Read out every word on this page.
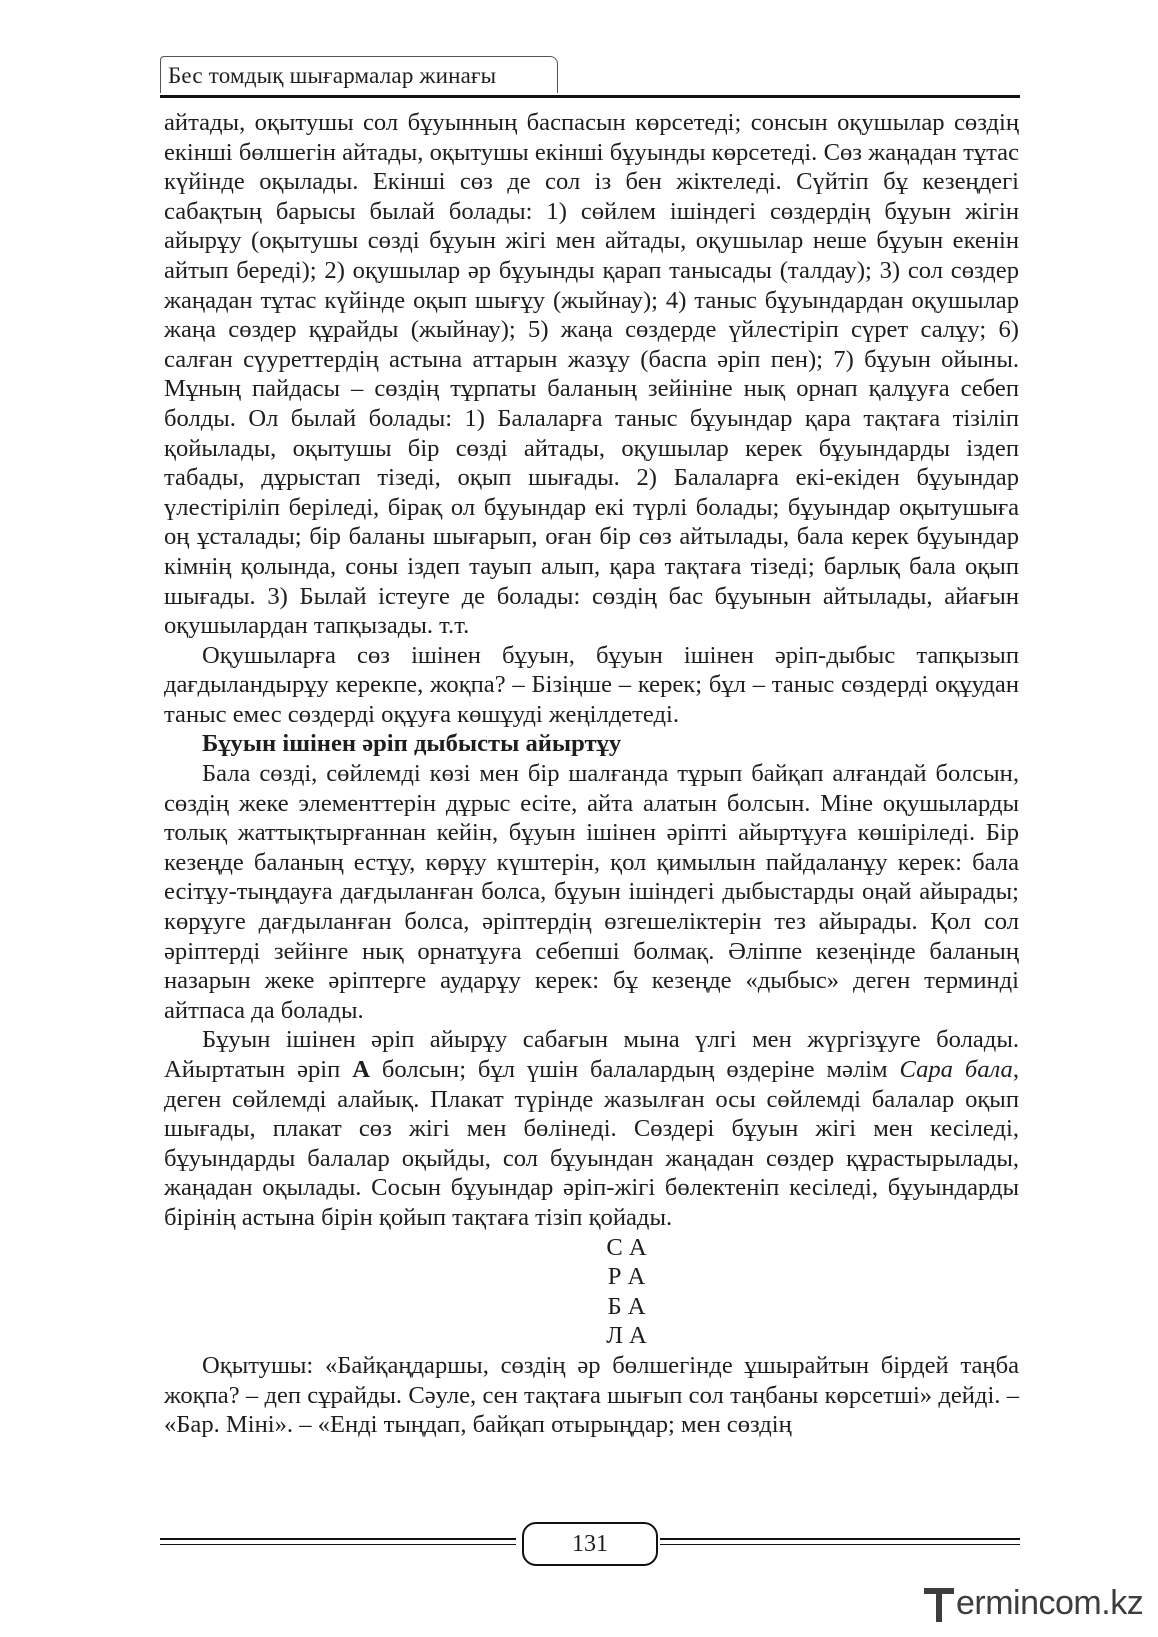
Бес томдық шығармалар жинағы

айтады, оқытушы сол бұуынның баспасын көрсетеді; сонсын оқушылар сөздің екінші бөлшегін айтады, оқытушы екінші бұуынды көрсетеді. Сөз жаңадан тұтас күйінде оқылады. Екінші сөз де сол із бен жіктеледі. Сүйтіп бұ кезеңдегі сабақтың барысы былай болады: 1) сөйлем ішіндегі сөздердің бұуын жігін айырұу (оқытушы сөзді бұуын жігі мен айтады, оқушылар неше бұуын екенін айтып береді); 2) оқушылар әр бұуынды қарап танысады (талдау); 3) сол сөздер жаңадан тұтас күйінде оқып шығұу (жыйнау); 4) таныс бұуындардан оқушылар жаңа сөздер құрайды (жыйнау); 5) жаңа сөздерде үйлестіріп сүрет салұу; 6) салған сүуреттердің астына аттарын жазұу (баспа әріп пен); 7) бұуын ойыны. Мұның пайдасы – сөздің тұрпаты баланың зейініне нық орнап қалұуға себеп болды. Ол былай болады: 1) Балаларға таныс бұуындар қара тақтаға тізіліп қойылады, оқытушы бір сөзді айтады, оқушылар керек бұуындарды іздеп табады, дұрыстап тізеді, оқып шығады. 2) Балаларға екі-екіден бұуындар үлестіріліп беріледі, бірақ ол бұуындар екі түрлі болады; бұуындар оқытушыға оң ұсталады; бір баланы шығарып, оған бір сөз айтылады, бала керек бұуындар кімнің қолында, соны іздеп тауып алып, қара тақтаға тізеді; барлық бала оқып шығады. 3) Былай істеуге де болады: сөздің бас бұуынын айтылады, айағын оқушылардан тапқызады. т.т.

Оқушыларға сөз ішінен бұуын, бұуын ішінен әріп-дыбыс тапқызып дағдыландырұу керекпе, жоқпа? – Бізіңше – керек; бұл – таныс сөздерді оқұудан таныс емес сөздерді оқұуға көшұуді жеңілдетеді.

Бұуын ішінен әріп дыбысты айыртұу

Бала сөзді, сөйлемді көзі мен бір шалғанда тұрып байқап алғандай болсын, сөздің жеке элементтерін дұрыс есіте, айта алатын болсын. Міне оқушыларды толық жаттықтырғаннан кейін, бұуын ішінен әріпті айыртұуға көшіріледі. Бір кезеңде баланың естұу, көрұу күштерін, қол қимылын пайдаланұу керек: бала есітұу-тыңдауға дағдыланған болса, бұуын ішіндегі дыбыстарды оңай айырады; көрұуге дағдыланған болса, әріптердің өзгешеліктерін тез айырады. Қол сол әріптерді зейінге нық орнатұуға себепші болмақ. Әліппе кезеңінде баланың назарын жеке әріптерге аударұу керек: бұ кезеңде «дыбыс» деген терминді айтпаса да болады.

Бұуын ішінен әріп айырұу сабағын мына үлгі мен жүргізұуге болады. Айыртатын әріп А болсын; бұл үшін балалардың өздеріне мәлім Сара бала, деген сөйлемді алайық. Плакат түрінде жазылған осы сөйлемді балалар оқып шығады, плакат сөз жігі мен бөлінеді. Сөздері бұуын жігі мен кесіледі, бұуындарды балалар оқыйды, сол бұуындан жаңадан сөздер құрастырылады, жаңадан оқылады. Сосын бұуындар әріп-жігі бөлектеніп кесіледі, бұуындарды бірінің астына бірін қойып тақтаға тізіп қойады.

С А
Р А
Б А
Л А

Оқытушы: «Байқаңдаршы, сөздің әр бөлшегінде ұшырайтын бірдей таңба жоқпа? – деп сұрайды. Сәуле, сен тақтаға шығып сол таңбаны көрсетші» дейді. – «Бар. Міні». – «Енді тыңдап, байқап отырыңдар; мен сөздің

131
ermincom.kz
